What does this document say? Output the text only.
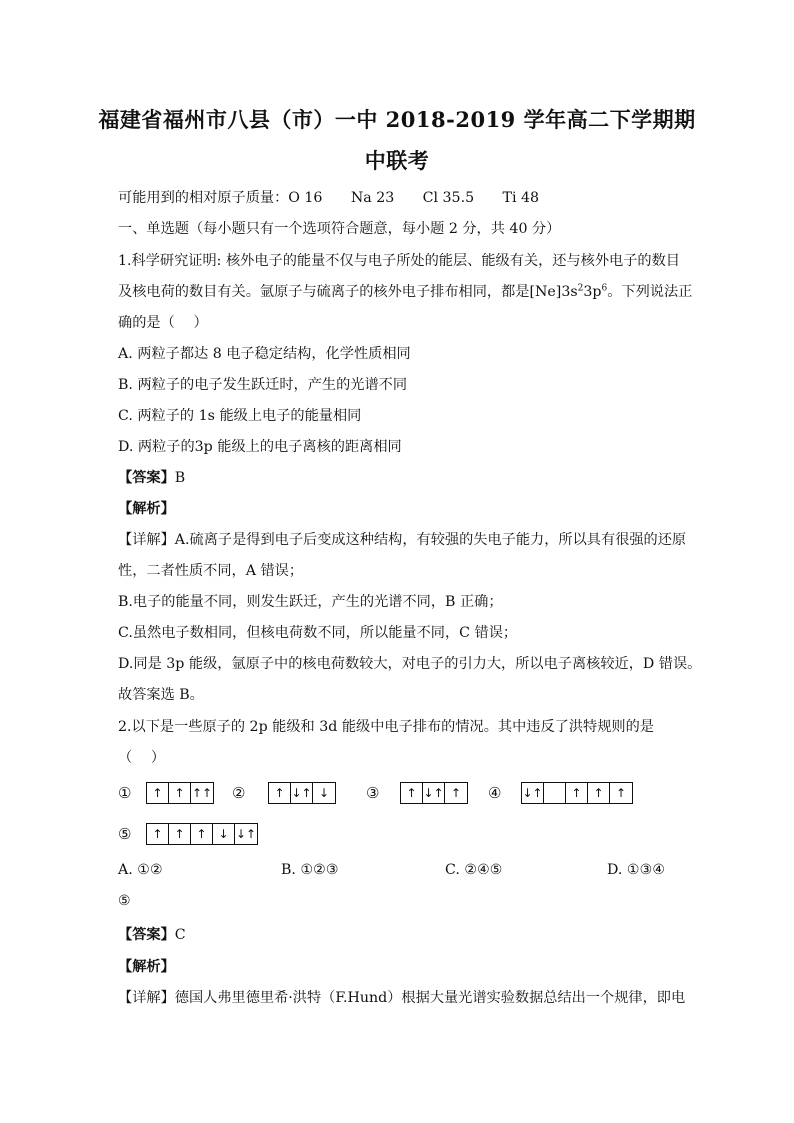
福建省福州市八县（市）一中 2018-2019 学年高二下学期期
中联考
可能用到的相对原子质量：O 16　　Na 23　　Cl 35.5　　Ti 48
一、单选题（每小题只有一个选项符合题意，每小题 2 分，共 40 分）
1.科学研究证明: 核外电子的能量不仅与电子所处的能层、能级有关，还与核外电子的数目
及核电荷的数目有关。氩原子与硫离子的核外电子排布相同，都是$[Ne]3s^23p^6$。下列说法正
确的是（　 ）
A. 两粒子都达 8 电子稳定结构，化学性质相同
B. 两粒子的电子发生跃迁时，产生的光谱不同
C. 两粒子的 1s 能级上电子的能量相同
D. 两粒子的3p 能级上的电子离核的距离相同
【答案】B
【解析】
【详解】A.硫离子是得到电子后变成这种结构，有较强的失电子能力，所以具有很强的还原
性，二者性质不同，A 错误；
B.电子的能量不同，则发生跃迁，产生的光谱不同，B 正确；
C.虽然电子数相同，但核电荷数不同，所以能量不同，C 错误；
D.同是 3p 能级，氩原子中的核电荷数较大，对电子的引力大，所以电子离核较近，D 错误。
故答案选 B。
2.以下是一些原子的 2p 能级和 3d 能级中电子排布的情况。其中违反了洪特规则的是
（　 ）
①	↑ ↑ ↑↑ ②	↑ ↓↑ ↓	③	↑ ↓↑ ↑	④ ↓↑	↑ ↑	↑
⑤	↑ ↑ ↑ ↓ ↓↑
A. ①②	B. ①②③	C. ②④⑤	D. ①③④
⑤
【答案】C
【解析】
【详解】德国人弗里德里希·洪特（F.Hund）根据大量光谱实验数据总结出一个规律，即电
